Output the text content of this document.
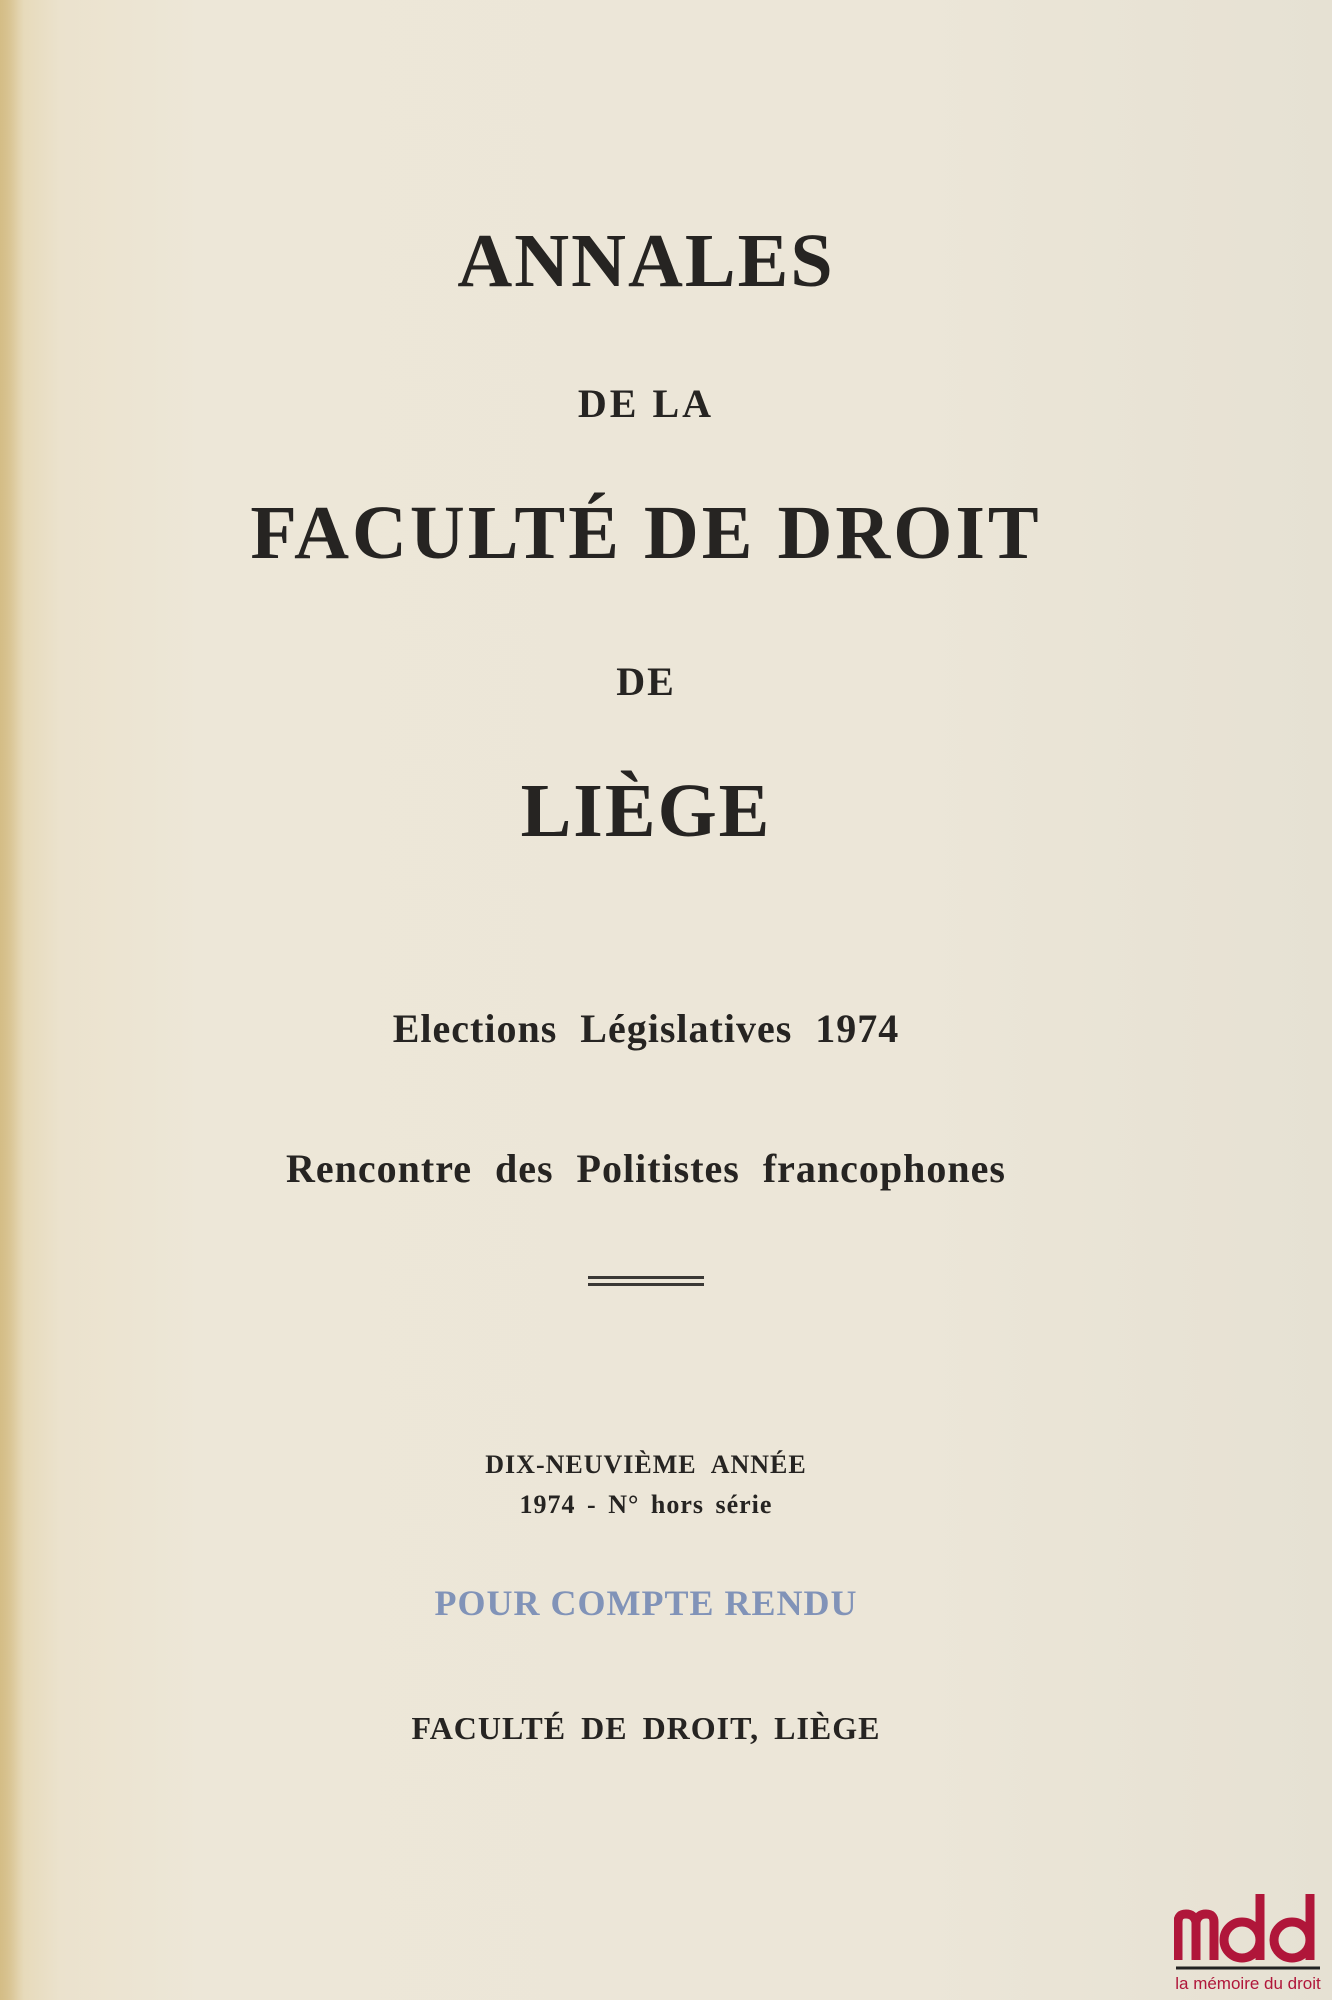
ANNALES
DE LA
FACULTÉ DE DROIT
DE
LIÈGE
Elections Législatives 1974
Rencontre des Politistes francophones
DIX-NEUVIÈME ANNÉE
1974 - N° hors série
POUR COMPTE RENDU
FACULTÉ DE DROIT, LIÈGE
la mémoire du droit
